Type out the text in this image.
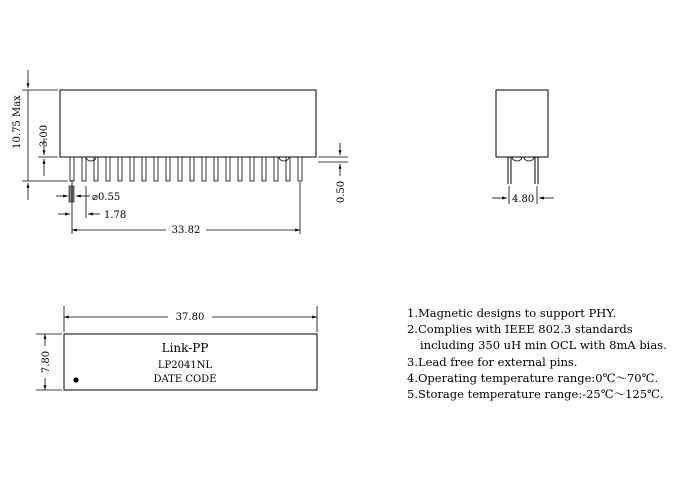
10.75 Max 3.00
⌀0.55
1.78
33.82
0.50	4.80
Link-PP
LP2041NL
DATE CODE
37.80
7.80
1.Magnetic designs to support PHY.
2.Complies with IEEE 802.3 standards
including 350 uH min OCL with 8mA bias.
3.Lead free for external pins.
4.Operating temperature range:0℃～70℃.
5.Storage temperature range:-25℃～125℃.
